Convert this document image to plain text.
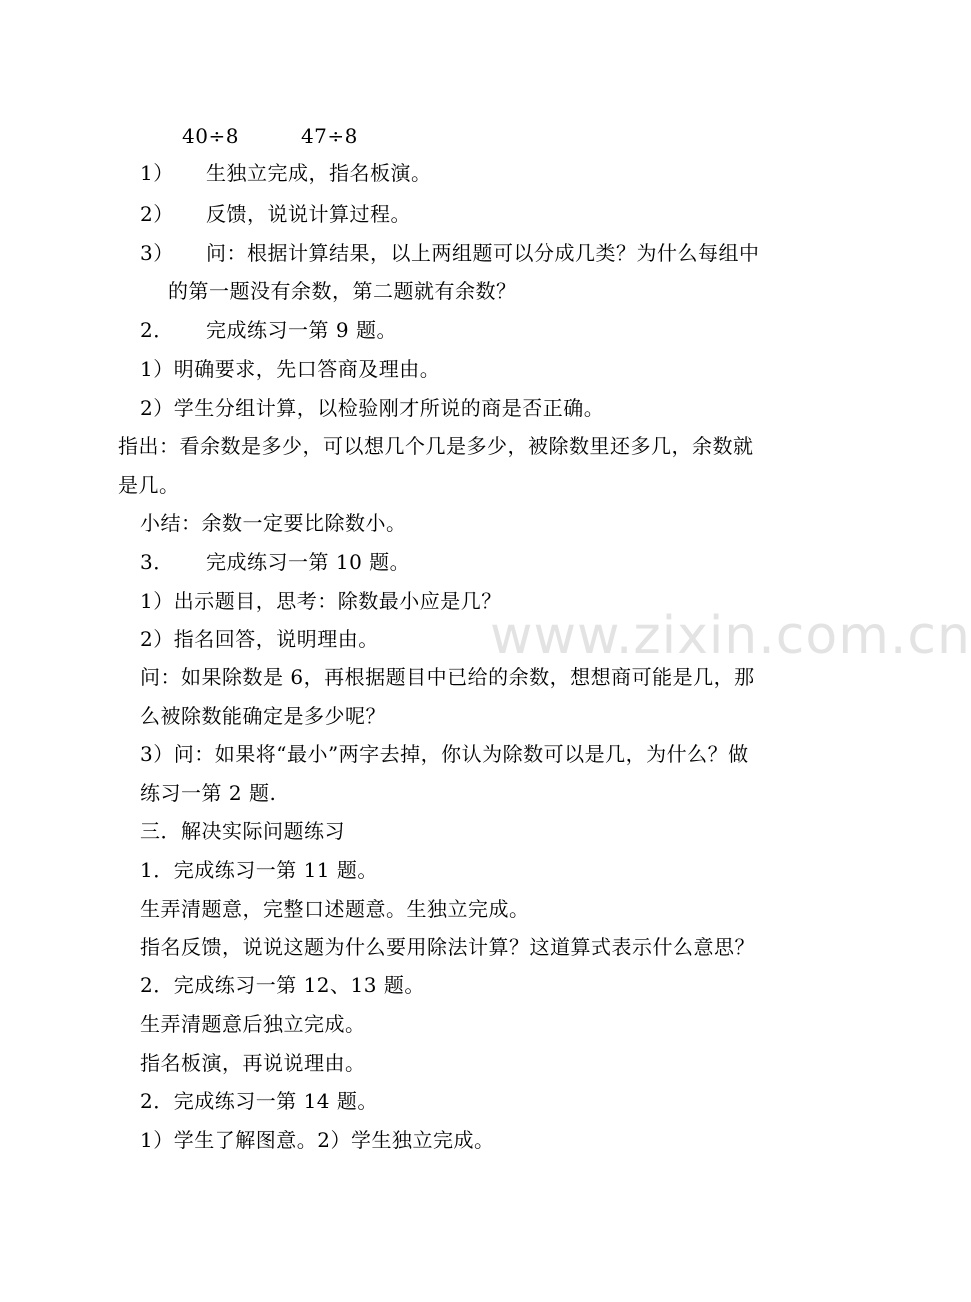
40÷8	47÷8
1） 生独立完成，指名板演。
2） 反馈，说说计算过程。
3） 问：根据计算结果，以上两组题可以分成几类？为什么每组中
的第一题没有余数，第二题就有余数？
2． 完成练习一第 9 题。
1）明确要求，先口答商及理由。
2）学生分组计算，以检验刚才所说的商是否正确。
指出：看余数是多少，可以想几个几是多少，被除数里还多几，余数就
是几。
小结：余数一定要比除数小。
3． 完成练习一第 10 题。
1）出示题目，思考：除数最小应是几？
2）指名回答，说明理由。
问：如果除数是 6，再根据题目中已给的余数，想想商可能是几，那
么被除数能确定是多少呢？
3）问：如果将“最小”两字去掉，你认为除数可以是几，为什么？做
练习一第 2 题.
三．解决实际问题练习
1．完成练习一第 11 题。
生弄清题意，完整口述题意。生独立完成。
指名反馈，说说这题为什么要用除法计算？这道算式表示什么意思？
2．完成练习一第 12、13 题。
生弄清题意后独立完成。
指名板演，再说说理由。
2．完成练习一第 14 题。
1）学生了解图意。2）学生独立完成。
www.zixin.com.cn
